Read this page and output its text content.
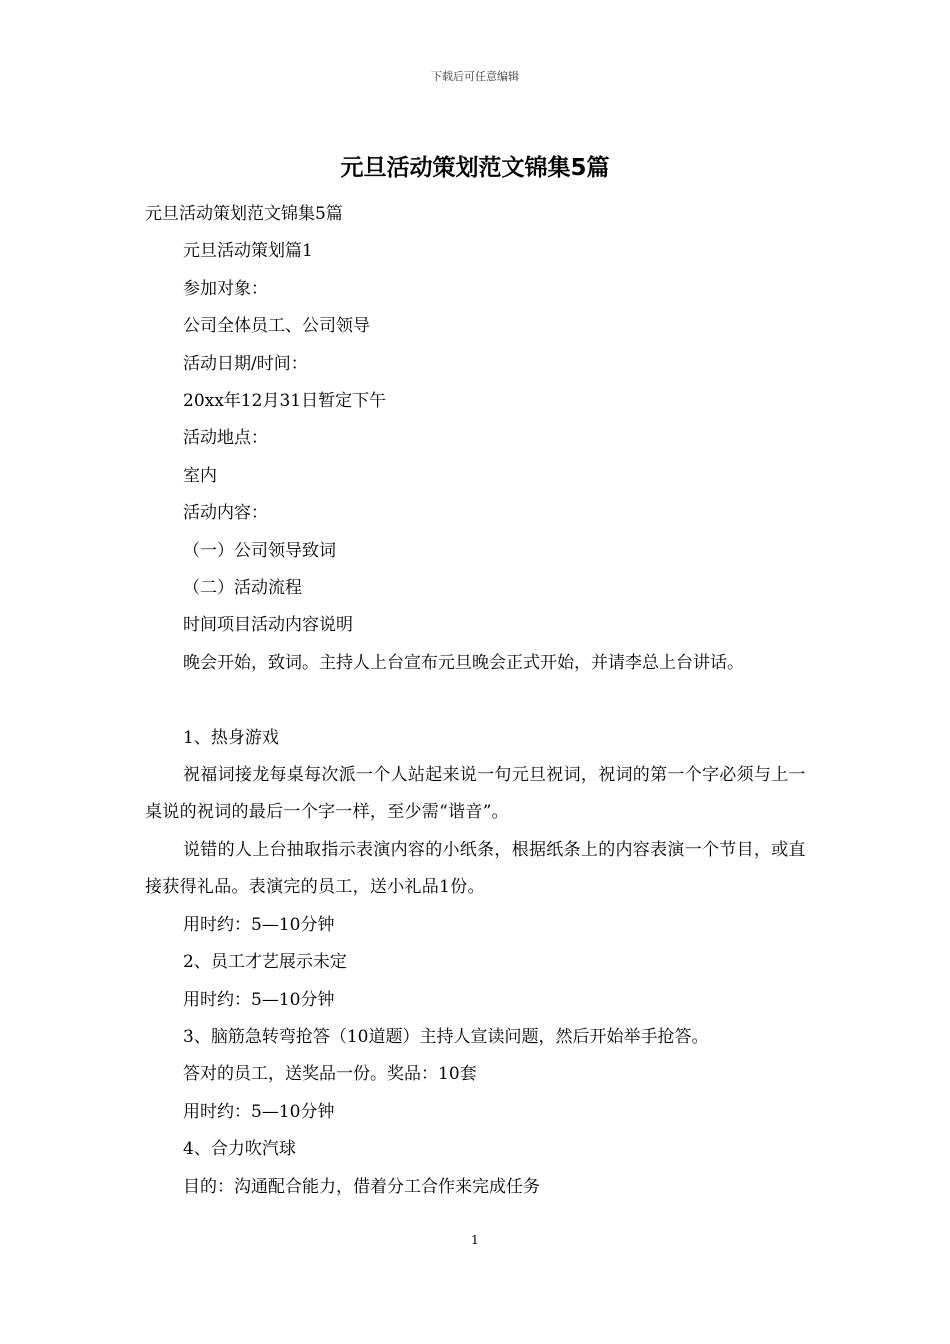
下载后可任意编辑
元旦活动策划范文锦集5篇

元旦活动策划范文锦集5篇

元旦活动策划篇1

参加对象：

公司全体员工、公司领导

活动日期/时间：

20xx年12月31日暂定下午

活动地点：

室内

活动内容：

（一）公司领导致词

（二）活动流程

时间项目活动内容说明

晚会开始，致词。主持人上台宣布元旦晚会正式开始，并请李总上台讲话。

1、热身游戏

祝福词接龙每桌每次派一个人站起来说一句元旦祝词，祝词的第一个字必须与上一桌说的祝词的最后一个字一样，至少需“谐音”。

说错的人上台抽取指示表演内容的小纸条，根据纸条上的内容表演一个节目，或直接获得礼品。表演完的员工，送小礼品1份。

用时约：5—10分钟

2、员工才艺展示未定

用时约：5—10分钟

3、脑筋急转弯抢答（10道题）主持人宣读问题，然后开始举手抢答。

答对的员工，送奖品一份。奖品：10套

用时约：5—10分钟

4、合力吹汽球

目的：沟通配合能力，借着分工合作来完成任务

1
